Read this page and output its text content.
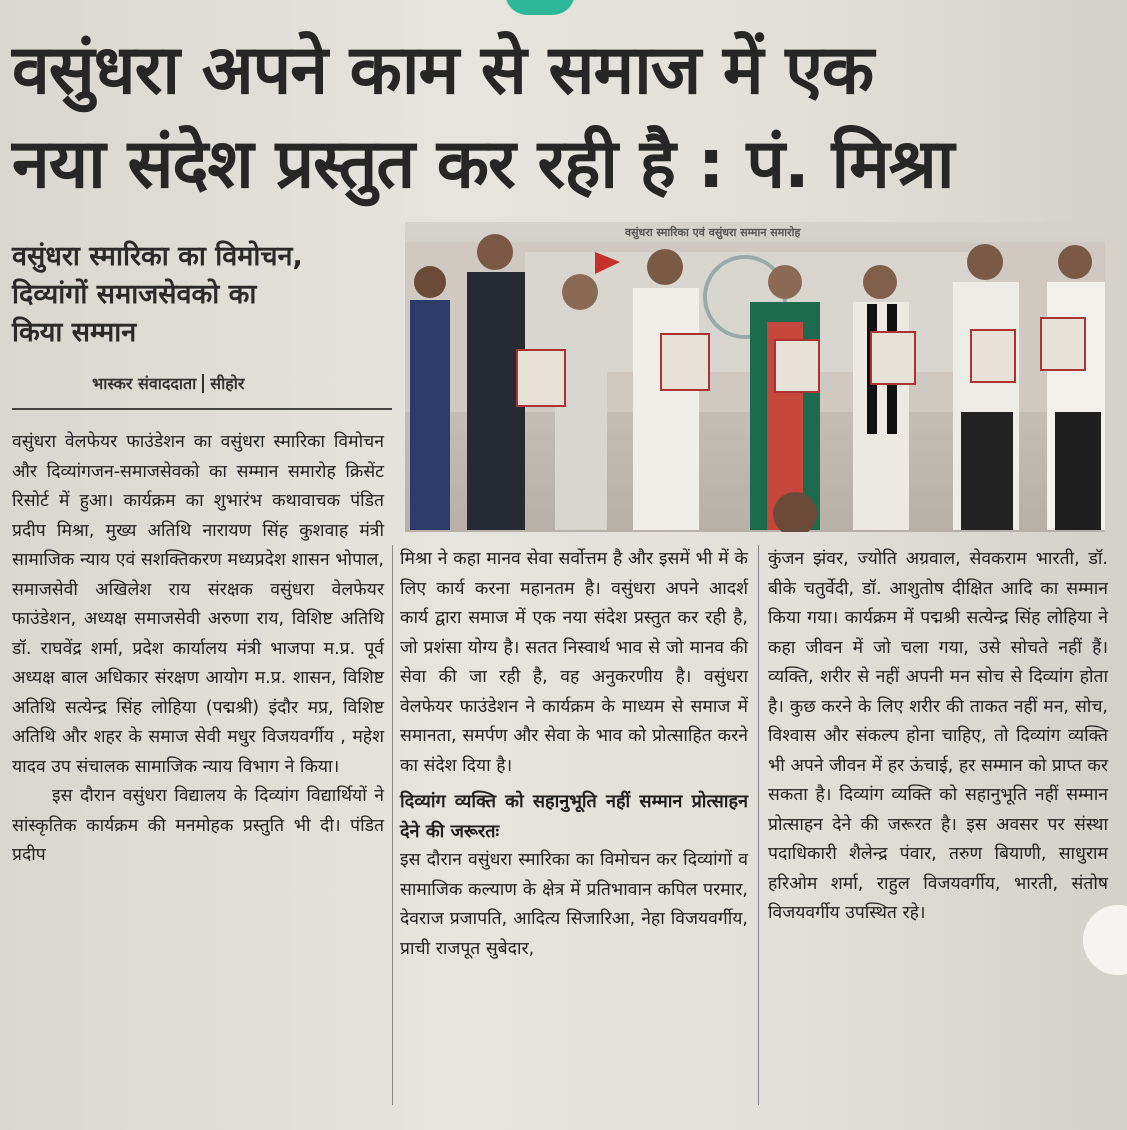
वसुंधरा अपने काम से समाज में एक
नया संदेश प्रस्तुत कर रही है : पं. मिश्रा
वसुंधरा स्मारिका का विमोचन,
दिव्यांगों समाजसेवको का
किया सम्मान
भास्कर संवाददाता सीहोर
वसुंधरा स्मारिका एवं वसुंधरा सम्मान समारोह

वसुंधरा वेलफेयर फाउंडेशन का वसुंधरा स्मारिका विमोचन और दिव्यांगजन-समाजसेवको का सम्मान समारोह क्रिसेंट रिसोर्ट में हुआ। कार्यक्रम का शुभारंभ कथावाचक पंडित प्रदीप मिश्रा, मुख्य अतिथि नारायण सिंह कुशवाह मंत्री सामाजिक न्याय एवं सशक्तिकरण मध्यप्रदेश शासन भोपाल, समाजसेवी अखिलेश राय संरक्षक वसुंधरा वेलफेयर फाउंडेशन, अध्यक्ष समाजसेवी अरुणा राय, विशिष्ट अतिथि डॉ. राघवेंद्र शर्मा, प्रदेश कार्यालय मंत्री भाजपा म.प्र. पूर्व अध्यक्ष बाल अधिकार संरक्षण आयोग म.प्र. शासन, विशिष्ट अतिथि सत्येन्द्र सिंह लोहिया (पद्मश्री) इंदौर मप्र, विशिष्ट अतिथि और शहर के समाज सेवी मधुर विजयवर्गीय , महेश यादव उप संचालक सामाजिक न्याय विभाग ने किया।

इस दौरान वसुंधरा विद्यालय के दिव्यांग विद्यार्थियों ने सांस्कृतिक कार्यक्रम की मनमोहक प्रस्तुति भी दी। पंडित प्रदीप

मिश्रा ने कहा मानव सेवा सर्वोत्तम है और इसमें भी में के लिए कार्य करना महानतम है। वसुंधरा अपने आदर्श कार्य द्वारा समाज में एक नया संदेश प्रस्तुत कर रही है, जो प्रशंसा योग्य है। सतत निस्वार्थ भाव से जो मानव की सेवा की जा रही है, वह अनुकरणीय है। वसुंधरा वेलफेयर फाउंडेशन ने कार्यक्रम के माध्यम से समाज में समानता, समर्पण और सेवा के भाव को प्रोत्साहित करने का संदेश दिया है।

दिव्यांग व्यक्ति को सहानुभूति नहीं सम्मान प्रोत्साहन देने की जरूरतः

इस दौरान वसुंधरा स्मारिका का विमोचन कर दिव्यांगों व सामाजिक कल्याण के क्षेत्र में प्रतिभावान कपिल परमार, देवराज प्रजापति, आदित्य सिजारिआ, नेहा विजयवर्गीय, प्राची राजपूत सुबेदार,

कुंजन झंवर, ज्योति अग्रवाल, सेवकराम भारती, डॉ. बीके चतुर्वेदी, डॉ. आशुतोष दीक्षित आदि का सम्मान किया गया। कार्यक्रम में पद्मश्री सत्येन्द्र सिंह लोहिया ने कहा जीवन में जो चला गया, उसे सोचते नहीं हैं। व्यक्ति, शरीर से नहीं अपनी मन सोच से दिव्यांग होता है। कुछ करने के लिए शरीर की ताकत नहीं मन, सोच, विश्वास और संकल्प होना चाहिए, तो दिव्यांग व्यक्ति भी अपने जीवन में हर ऊंचाई, हर सम्मान को प्राप्त कर सकता है। दिव्यांग व्यक्ति को सहानुभूति नहीं सम्मान प्रोत्साहन देने की जरूरत है। इस अवसर पर संस्था पदाधिकारी शैलेन्द्र पंवार, तरुण बियाणी, साधुराम हरिओम शर्मा, राहुल विजयवर्गीय, भारती, संतोष विजयवर्गीय उपस्थित रहे।
